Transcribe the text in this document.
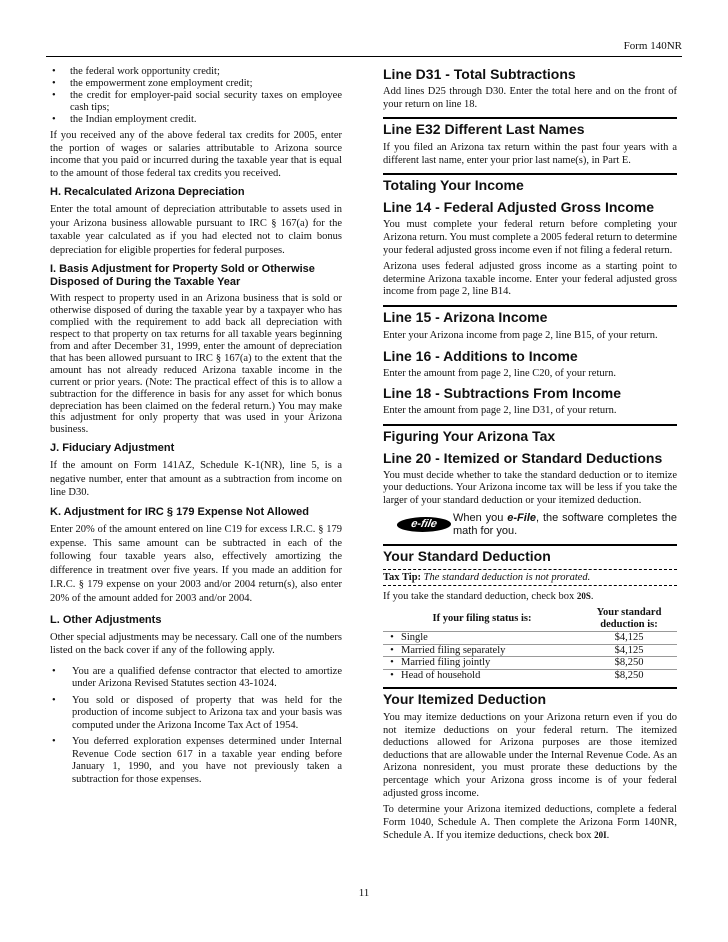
Form 140NR
• the federal work opportunity credit;
• the empowerment zone employment credit;
• the credit for employer-paid social security taxes on employee cash tips;
• the Indian employment credit.

If you received any of the above federal tax credits for 2005, enter the portion of wages or salaries attributable to Arizona source income that you paid or incurred during the taxable year that is equal to the amount of those federal tax credits you received.

H. Recalculated Arizona Depreciation

Enter the total amount of depreciation attributable to assets used in your Arizona business allowable pursuant to IRC § 167(a) for the taxable year calculated as if you had elected not to claim bonus depreciation for eligible properties for federal purposes.

I. Basis Adjustment for Property Sold or Otherwise Disposed of During the Taxable Year

With respect to property used in an Arizona business that is sold or otherwise disposed of during the taxable year by a taxpayer who has complied with the requirement to add back all depreciation with respect to that property on tax returns for all taxable years beginning from and after December 31, 1999, enter the amount of depreciation that has been allowed pursuant to IRC § 167(a) to the extent that the amount has not already reduced Arizona taxable income in the current or prior years. (Note: The practical effect of this is to allow a subtraction for the difference in basis for any asset for which bonus depreciation has been claimed on the federal return.) You may make this adjustment for only property that was used in your Arizona business.

J. Fiduciary Adjustment

If the amount on Form 141AZ, Schedule K-1(NR), line 5, is a negative number, enter that amount as a subtraction from income on line D30.

K. Adjustment for IRC § 179 Expense Not Allowed

Enter 20% of the amount entered on line C19 for excess I.R.C. § 179 expense. This same amount can be subtracted in each of the following four taxable years also, effectively amortizing the difference in treatment over five years. If you made an addition for I.R.C. § 179 expense on your 2003 and/or 2004 return(s), also enter 20% of the amount added for 2003 and/or 2004.

L. Other Adjustments

Other special adjustments may be necessary. Call one of the numbers listed on the back cover if any of the following apply.

• You are a qualified defense contractor that elected to amortize under Arizona Revised Statutes section 43-1024.
• You sold or disposed of property that was held for the production of income subject to Arizona tax and your basis was computed under the Arizona Income Tax Act of 1954.
• You deferred exploration expenses determined under Internal Revenue Code section 617 in a taxable year ending before January 1, 1990, and you have not previously taken a subtraction for those expenses.
Line D31 - Total Subtractions

Add lines D25 through D30. Enter the total here and on the front of your return on line 18.

Line E32 Different Last Names

If you filed an Arizona tax return within the past four years with a different last name, enter your prior last name(s), in Part E.

Totaling Your Income
Line 14 - Federal Adjusted Gross Income

You must complete your federal return before completing your Arizona return. You must complete a 2005 federal return to determine your federal adjusted gross income even if not filing a federal return.

Arizona uses federal adjusted gross income as a starting point to determine Arizona taxable income. Enter your federal adjusted gross income from page 2, line B14.

Line 15 - Arizona Income

Enter your Arizona income from page 2, line B15, of your return.

Line 16 - Additions to Income

Enter the amount from page 2, line C20, of your return.

Line 18 - Subtractions From Income

Enter the amount from page 2, line D31, of your return.

Figuring Your Arizona Tax
Line 20 - Itemized or Standard Deductions

You must decide whether to take the standard deduction or to itemize your deductions. Your Arizona income tax will be less if you take the larger of your standard deduction or your itemized deduction.

e-file	When you e-File, the software completes the math for you.
Your Standard Deduction
Tax Tip: The standard deduction is not prorated.

If you take the standard deduction, check box 20S.

If your filing status is:		Your standard deduction is:
•	Single	$4,125
•	Married filing separately	$4,125
•	Married filing jointly	$8,250
•	Head of household	$8,250
Your Itemized Deduction

You may itemize deductions on your Arizona return even if you do not itemize deductions on your federal return. The itemized deductions allowed for Arizona purposes are those itemized deductions that are allowable under the Internal Revenue Code. As an Arizona nonresident, you must prorate these deductions by the percentage which your Arizona gross income is of your federal adjusted gross income.

To determine your Arizona itemized deductions, complete a federal Form 1040, Schedule A. Then complete the Arizona Form 140NR, Schedule A. If you itemize deductions, check box 20I.

11
